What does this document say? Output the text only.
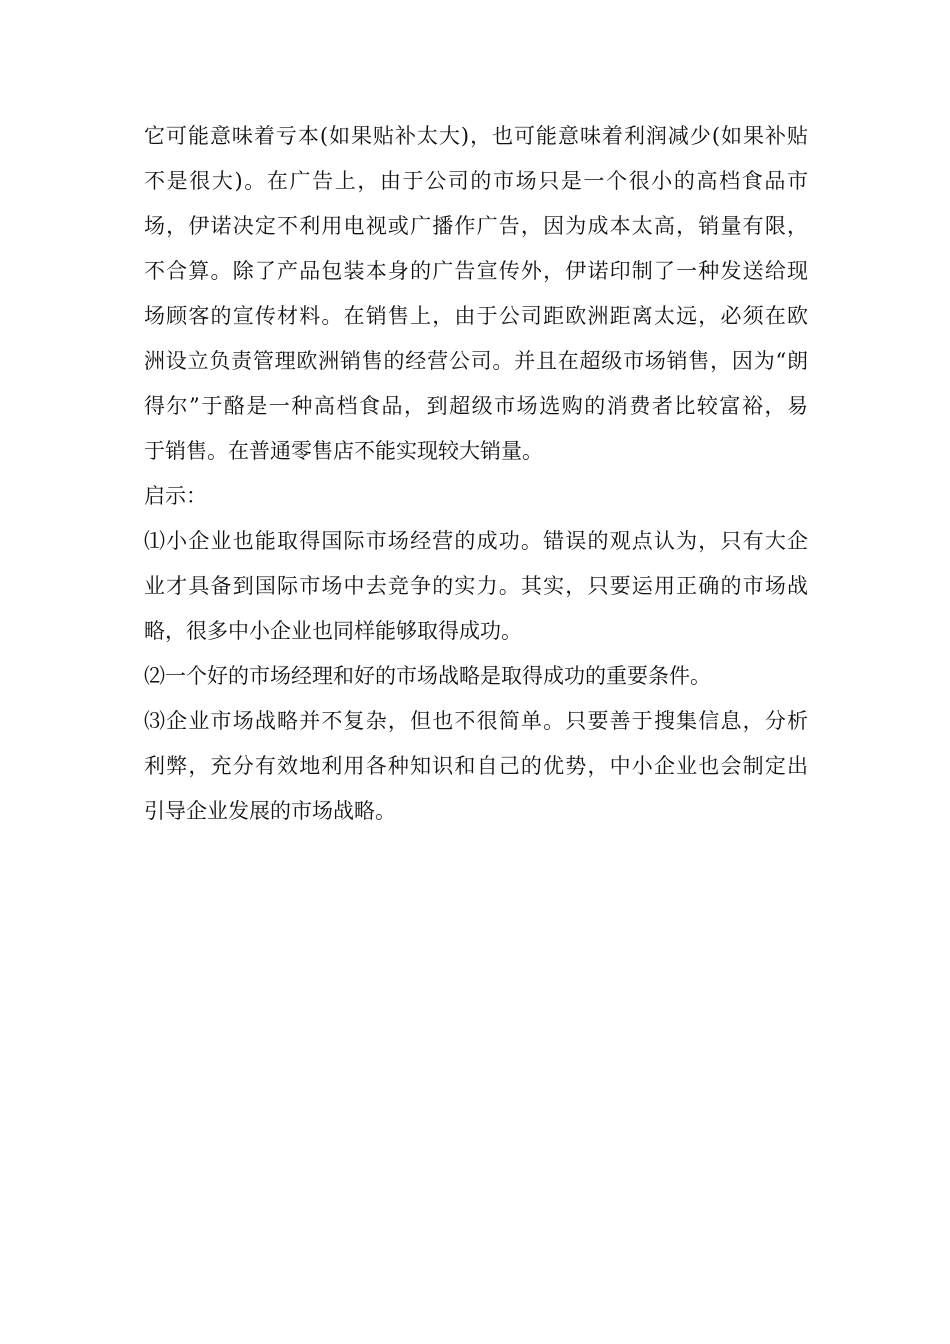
它可能意味着亏本(如果贴补太大)，也可能意味着利润减少(如果补贴
不是很大)。在广告上，由于公司的市场只是一个很小的高档食品市
场，伊诺决定不利用电视或广播作广告，因为成本太高，销量有限，
不合算。除了产品包装本身的广告宣传外，伊诺印制了一种发送给现
场顾客的宣传材料。在销售上，由于公司距欧洲距离太远，必须在欧
洲设立负责管理欧洲销售的经营公司。并且在超级市场销售，因为“朗
得尔”于酪是一种高档食品，到超级市场选购的消费者比较富裕，易
于销售。在普通零售店不能实现较大销量。
启示：
⑴小企业也能取得国际市场经营的成功。错误的观点认为，只有大企
业才具备到国际市场中去竞争的实力。其实，只要运用正确的市场战
略，很多中小企业也同样能够取得成功。
⑵一个好的市场经理和好的市场战略是取得成功的重要条件。
⑶企业市场战略并不复杂，但也不很简单。只要善于搜集信息，分析
利弊，充分有效地利用各种知识和自己的优势，中小企业也会制定出
引导企业发展的市场战略。
